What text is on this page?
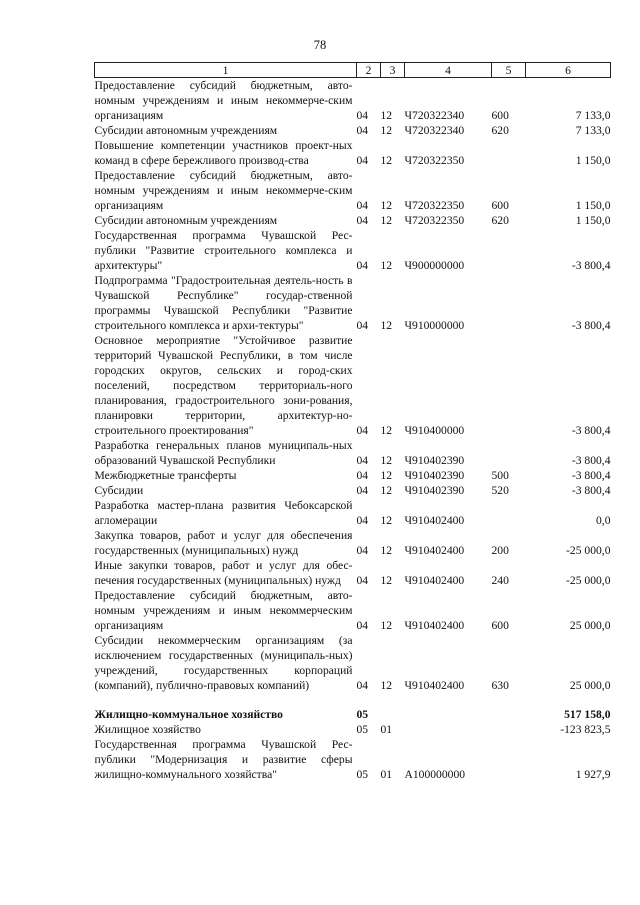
78
1	2	3	4	5	6
Предоставление субсидий бюджетным, авто-номным учреждениям и иным некоммерче-ским организациям	04	12	Ч720322340	600	7 133,0
Субсидии автономным учреждениям	04	12	Ч720322340	620	7 133,0
Повышение компетенции участников проект-ных команд в сфере бережливого производ-ства	04	12	Ч720322350		1 150,0
Предоставление субсидий бюджетным, авто-номным учреждениям и иным некоммерче-ским организациям	04	12	Ч720322350	600	1 150,0
Субсидии автономным учреждениям	04	12	Ч720322350	620	1 150,0
Государственная программа Чувашской Рес-публики "Развитие строительного комплекса и архитектуры"	04	12	Ч900000000		-3 800,4
Подпрограмма "Градостроительная деятель-ность в Чувашской Республике" государ-ственной программы Чувашской Республики "Развитие строительного комплекса и архи-тектуры"	04	12	Ч910000000		-3 800,4
Основное мероприятие "Устойчивое развитие территорий Чувашской Республики, в том числе городских округов, сельских и город-ских поселений, посредством территориаль-ного планирования, градостроительного зони-рования, планировки территории, архитектур-но-строительного проектирования"	04	12	Ч910400000		-3 800,4
Разработка генеральных планов муниципаль-ных образований Чувашской Республики	04	12	Ч910402390		-3 800,4
Межбюджетные трансферты	04	12	Ч910402390	500	-3 800,4
Субсидии	04	12	Ч910402390	520	-3 800,4
Разработка мастер-плана развития Чебоксарской агломерации	04	12	Ч910402400		0,0
Закупка товаров, работ и услуг для обеспечения государственных (муниципальных) нужд	04	12	Ч910402400	200	-25 000,0
Иные закупки товаров, работ и услуг для обес-печения государственных (муниципальных) нужд	04	12	Ч910402400	240	-25 000,0
Предоставление субсидий бюджетным, авто-номным учреждениям и иным некоммерческим организациям	04	12	Ч910402400	600	25 000,0
Субсидии некоммерческим организациям (за исключением государственных (муниципаль-ных) учреждений, государственных корпораций (компаний), публично-правовых компаний)	04	12	Ч910402400	630	25 000,0

Жилищно-коммунальное хозяйство	05				517 158,0
Жилищное хозяйство	05	01			-123 823,5
Государственная программа Чувашской Рес-публики "Модернизация и развитие сферы жилищно-коммунального хозяйства"	05	01	А100000000		1 927,9
